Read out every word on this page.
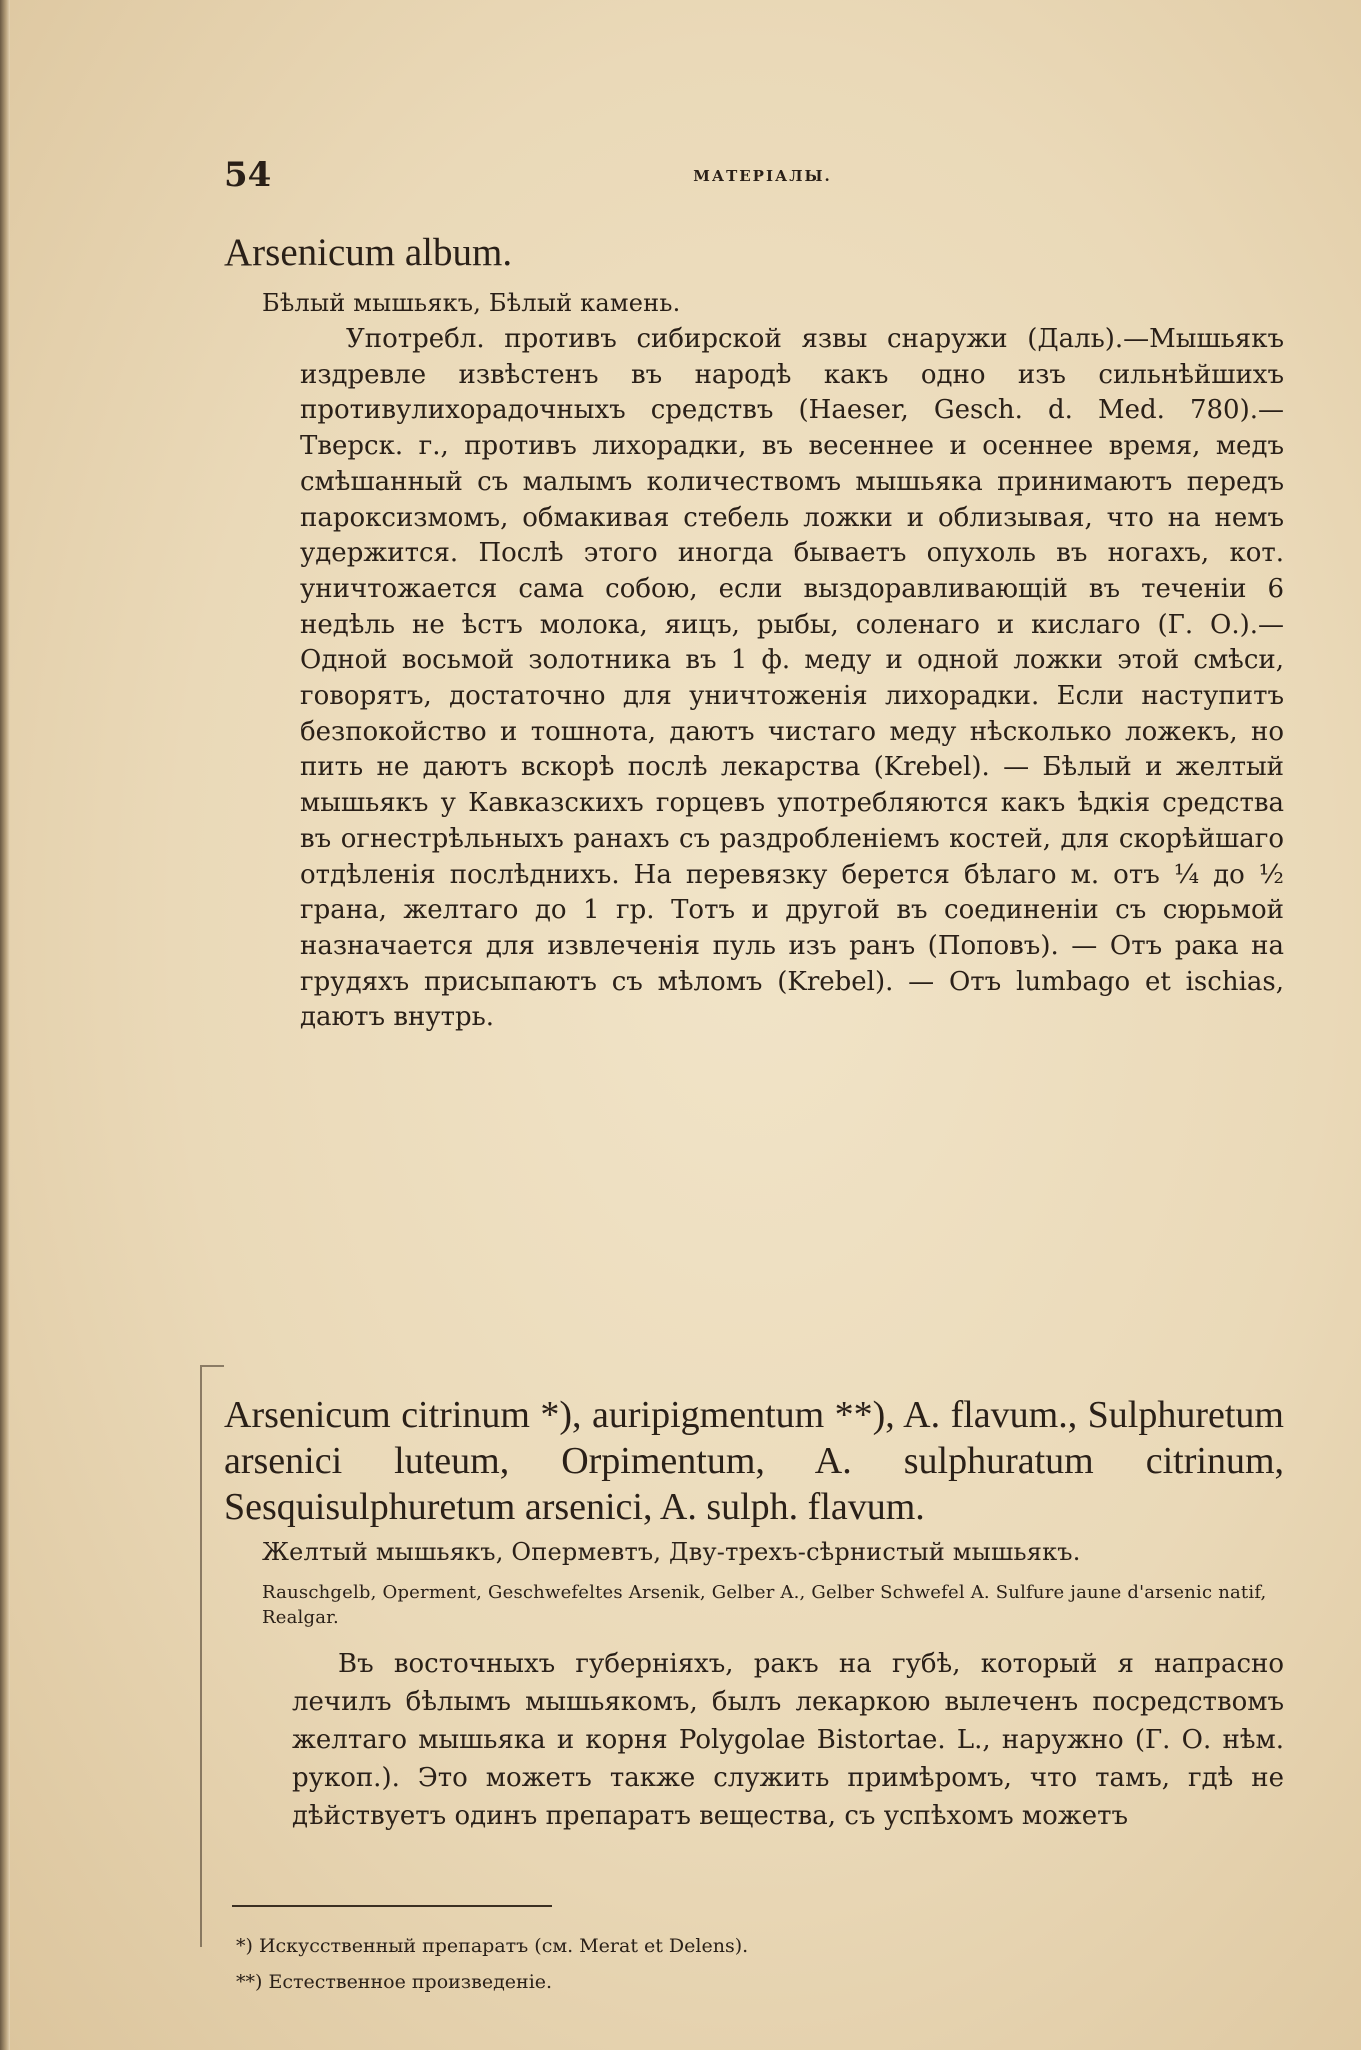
54	МАТЕРІАЛЫ.
Arsenicum album.
Бѣлый мышьякъ, Бѣлый камень.
Употребл. противъ сибирской язвы снаружи (Даль).—Мышьякъ издревле извѣстенъ въ народѣ какъ одно изъ сильнѣйшихъ противулихорадочныхъ средствъ (Haeser, Gesch. d. Med. 780).—Тверск. г., противъ лихорадки, въ весеннее и осеннее время, медъ смѣшанный съ малымъ количествомъ мышьяка принимаютъ передъ пароксизмомъ, обмакивая стебель ложки и облизывая, что на немъ удержится. Послѣ этого иногда бываетъ опухоль въ ногахъ, кот. уничтожается сама собою, если выздоравливающій въ теченіи 6 недѣль не ѣстъ молока, яицъ, рыбы, соленаго и кислаго (Г. О.).—Одной восьмой золотника въ 1 ф. меду и одной ложки этой смѣси, говорятъ, достаточно для уничтоженія лихорадки. Если наступитъ безпокойство и тошнота, даютъ чистаго меду нѣсколько ложекъ, но пить не даютъ вскорѣ послѣ лекарства (Krebel). — Бѣлый и желтый мышьякъ у Кавказскихъ горцевъ употребляются какъ ѣдкія средства въ огнестрѣльныхъ ранахъ съ раздробленіемъ костей, для скорѣйшаго отдѣленія послѣднихъ. На перевязку берется бѣлаго м. отъ ¼ до ½ грана, желтаго до 1 гр. Тотъ и другой въ соединеніи съ сюрьмой назначается для извлеченія пуль изъ ранъ (Поповъ). — Отъ рака на грудяхъ присыпаютъ съ мѣломъ (Krebel). — Отъ lumbago et ischias, даютъ внутрь.
Arsenicum citrinum *), auripigmentum **), A. flavum., Sulphuretum arsenici luteum, Orpimentum, A. sulphuratum citrinum, Sesquisulphuretum arsenici, A. sulph. flavum.
Желтый мышьякъ, Опермевтъ, Дву-трехъ-сѣрнистый мышьякъ.
Rauschgelb, Operment, Geschwefeltes Arsenik, Gelber A., Gelber Schwefel A. Sulfure jaune d'arsenic natif, Realgar.
Въ восточныхъ губерніяхъ, ракъ на губѣ, который я напрасно лечилъ бѣлымъ мышьякомъ, былъ лекаркою вылеченъ посредствомъ желтаго мышьяка и корня Polygolae Bistortae. L., наружно (Г. О. нѣм. рукоп.). Это можетъ также служить примѣромъ, что тамъ, гдѣ не дѣйствуетъ одинъ препаратъ вещества, съ успѣхомъ можетъ
*) Искусственный препаратъ (см. Merat et Delens).
**) Естественное произведеніе.
